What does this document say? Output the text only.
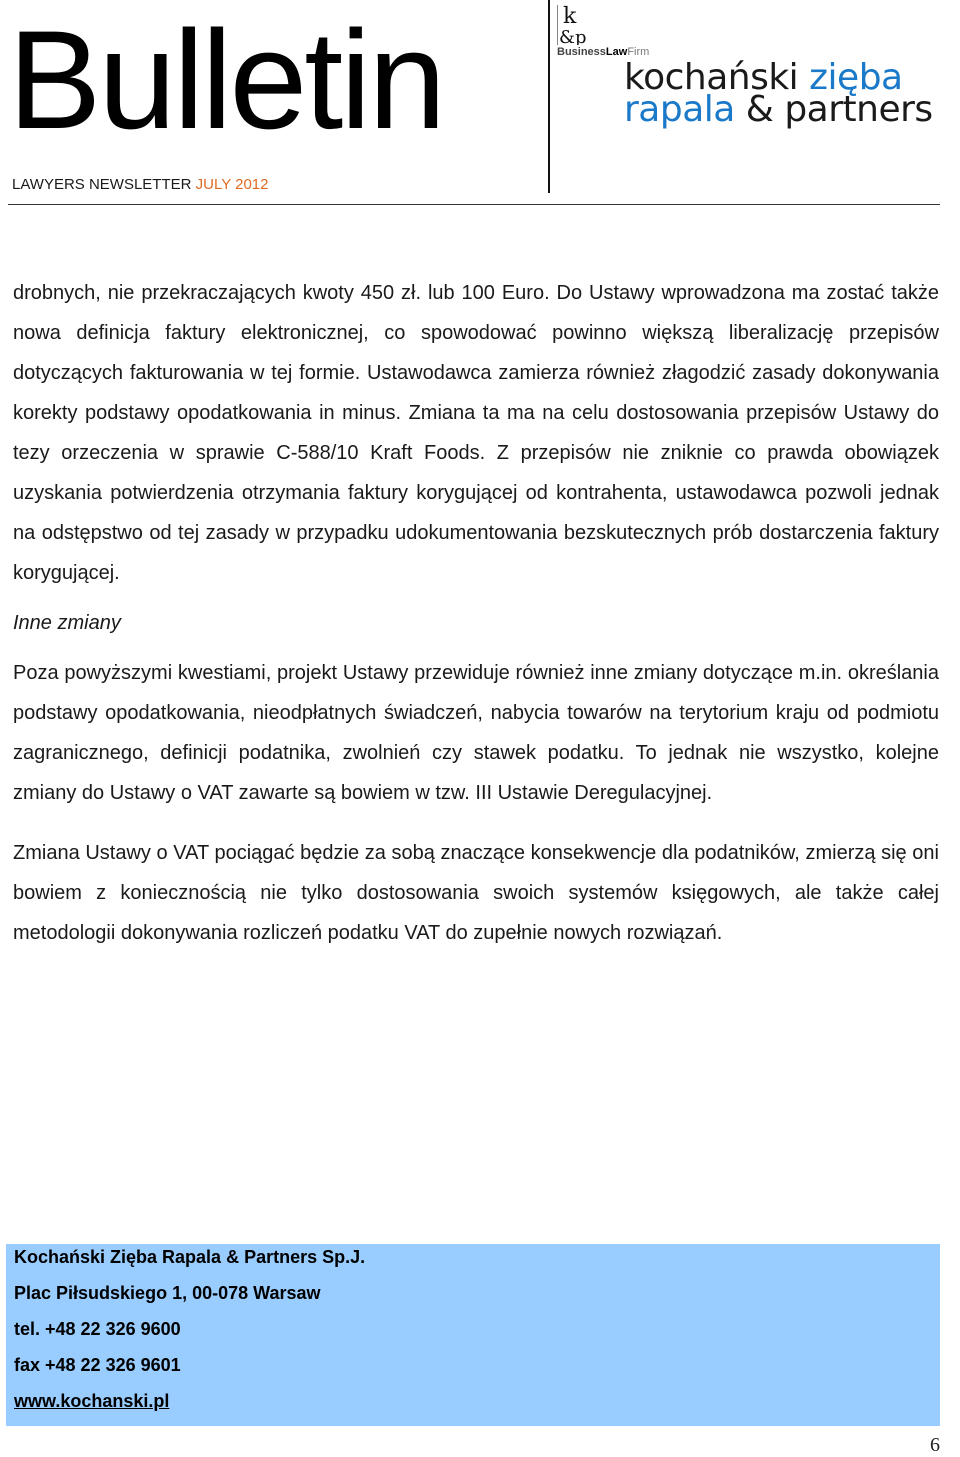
Bulletin
LAWYERS NEWSLETTER JULY 2012
k
&p
BusinessLawFirm
kochański zięba
rapala & partners

drobnych, nie przekraczających kwoty 450 zł. lub 100 Euro. Do Ustawy wprowadzona ma zostać także nowa definicja faktury elektronicznej, co spowodować powinno większą liberalizację przepisów dotyczących fakturowania w tej formie. Ustawodawca zamierza również złagodzić zasady dokonywania korekty podstawy opodatkowania in minus. Zmiana ta ma na celu dostosowania przepisów Ustawy do tezy orzeczenia w sprawie C-588/10 Kraft Foods. Z przepisów nie zniknie co prawda obowiązek uzyskania potwierdzenia otrzymania faktury korygującej od kontrahenta, ustawodawca pozwoli jednak na odstępstwo od tej zasady w przypadku udokumentowania bezskutecznych prób dostarczenia faktury korygującej.

Inne zmiany

Poza powyższymi kwestiami, projekt Ustawy przewiduje również inne zmiany dotyczące m.in. określania podstawy opodatkowania, nieodpłatnych świadczeń, nabycia towarów na terytorium kraju od podmiotu zagranicznego, definicji podatnika, zwolnień czy stawek podatku. To jednak nie wszystko, kolejne zmiany do Ustawy o VAT zawarte są bowiem w tzw. III Ustawie Deregulacyjnej.

Zmiana Ustawy o VAT pociągać będzie za sobą znaczące konsekwencje dla podatników, zmierzą się oni bowiem z koniecznością nie tylko dostosowania swoich systemów księgowych, ale także całej metodologii dokonywania rozliczeń podatku VAT do zupełnie nowych rozwiązań.

Kochański Zięba Rapala & Partners Sp.J.
Plac Piłsudskiego 1, 00-078 Warsaw
tel. +48 22 326 9600
fax +48 22 326 9601
www.kochanski.pl
6
